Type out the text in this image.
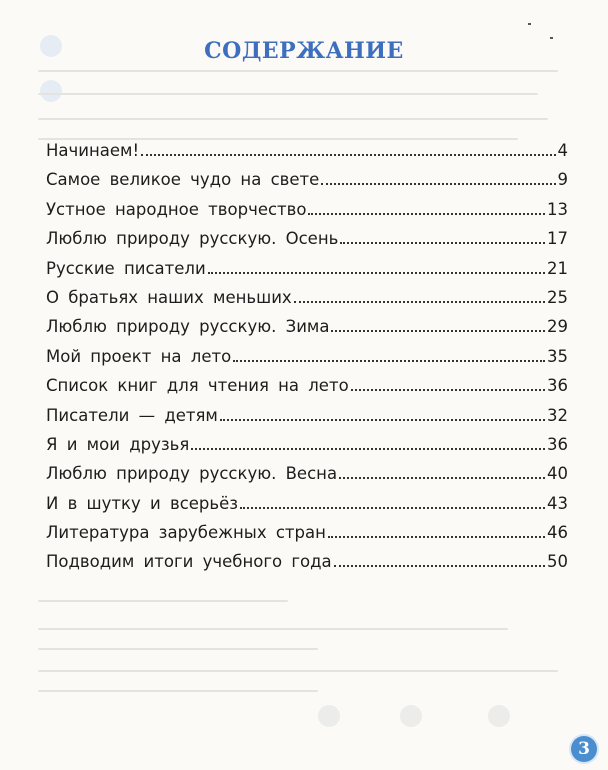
СОДЕРЖАНИЕ
Начинаем!	4
Самое великое чудо на свете	9
Устное народное творчество	13
Люблю природу русскую. Осень	17
Русские писатели	21
О братьях наших меньших	25
Люблю природу русскую. Зима	29
Мой проект на лето	35
Список книг для чтения на лето	36
Писатели — детям	32
Я и мои друзья	36
Люблю природу русскую. Весна	40
И в шутку и всерьёз	43
Литература зарубежных стран	46
Подводим итоги учебного года	50
3
